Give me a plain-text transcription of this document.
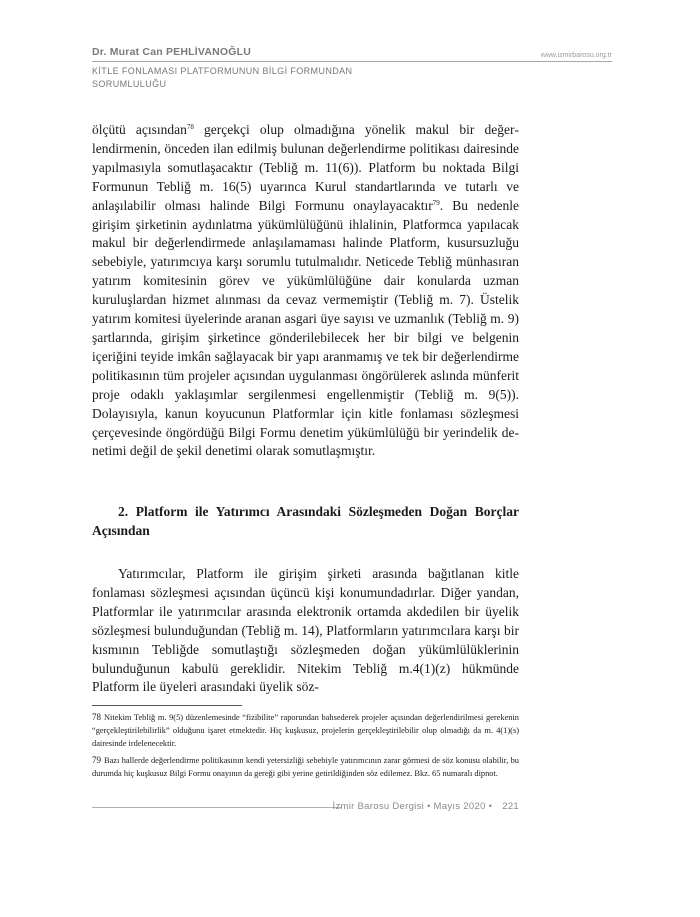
Dr. Murat Can PEHLİVANOĞLU	www.izmirbarosu.org.tr
KİTLE FONLAMASI PLATFORMUNUN BİLGİ FORMUNDAN SORUMLULUĞU

ölçütü açısından$^{78}$ gerçekçi olup olmadığına yönelik makul bir değerlendirmenin, önceden ilan edilmiş bulunan değerlendirme politikası dairesinde yapılmasıyla somutlaşacaktır (Tebliğ m. 11(6)). Platform bu noktada Bilgi Formunun Tebliğ m. 16(5) uyarınca Kurul standartlarında ve tutarlı ve anlaşılabilir olması halinde Bilgi Formunu onaylayacaktır$^{79}$. Bu nedenle girişim şirketinin aydınlatma yükümlülüğünü ihlalinin, Platformca yapılacak makul bir değerlendirmede anlaşılamaması halinde Platform, kusursuzluğu sebebiyle, yatırımcıya karşı sorumlu tutulmalıdır. Neticede Tebliğ münhasıran yatırım komitesinin görev ve yükümlülüğüne dair konularda uzman kuruluşlardan hizmet alınması da cevaz vermemiştir (Tebliğ m. 7). Üstelik yatırım komitesi üyelerinde aranan asgari üye sayısı ve uzmanlık (Tebliğ m. 9) şartlarında, girişim şirketince gönderilebilecek her bir bilgi ve belgenin içeriğini teyide imkân sağlayacak bir yapı aranmamış ve tek bir değerlendirme politikasının tüm projeler açısından uygulanması öngörülerek aslında münferit proje odaklı yaklaşımlar sergilenmesi engellenmiştir (Tebliğ m. 9(5)). Dolayısıyla, kanun koyucunun Platformlar için kitle fonlaması sözleşmesi çerçevesinde öngördüğü Bilgi Formu denetim yükümlülüğü bir yerindelik denetimi değil de şekil denetimi olarak somutlaşmıştır.

2. Platform ile Yatırımcı Arasındaki Sözleşmeden Doğan Borçlar Açısından

Yatırımcılar, Platform ile girişim şirketi arasında bağıtlanan kitle fonlaması sözleşmesi açısından üçüncü kişi konumundadırlar. Diğer yandan, Platformlar ile yatırımcılar arasında elektronik ortamda akdedilen bir üyelik sözleşmesi bulunduğundan (Tebliğ m. 14), Platformların yatırımcılara karşı bir kısmının Tebliğde somutlaştığı sözleşmeden doğan yükümlülüklerinin bulunduğunun kabulü gereklidir. Nitekim Tebliğ m.4(1)(z) hükmünde Platform ile üyeleri arasındaki üyelik söz-

78 Nitekim Tebliğ m. 9(5) düzenlemesinde “fizibilite” raporundan bahsederek projeler açısından değerlendirilmesi gerekenin “gerçekleştirilebilirlik” olduğunu işaret etmektedir. Hiç kuşkusuz, projelerin gerçekleştirilebilir olup olmadığı da m. 4(1)(s) dairesinde irdelenecektir.

79 Bazı hallerde değerlendirme politikasının kendi yetersizliği sebebiyle yatırımcının zarar görmesi de söz konusu olabilir, bu durumda hiç kuşkusuz Bilgi Formu onayının da gereği gibi yerine getirildiğinden söz edilemez. Bkz. 65 numaralı dipnot.

İzmir Barosu Dergisi • Mayıs 2020 • 221
